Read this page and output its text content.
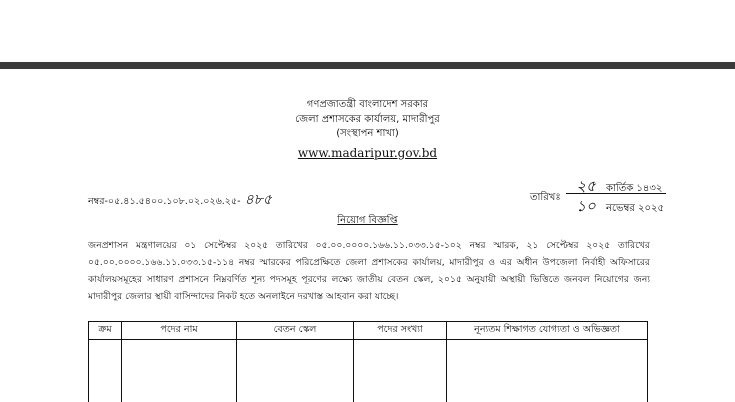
গণপ্রজাতন্ত্রী বাংলাদেশ সরকার
জেলা প্রশাসকের কার্যালয়, মাদারীপুর
(সংস্থাপন শাখা)
www.madaripur.gov.bd
নম্বর-০৫.৪১.৫৪০০.১০৮.০২.০২৬.২৫- ৪৮৫	তারিখঃ
২৫	কার্তিক ১৪৩২
১০	নভেম্বর ২০২৫
নিয়োগ বিজ্ঞপ্তি
জনপ্রশাসন মন্ত্রণালয়ের ০১ সেপ্টেম্বর ২০২৫ তারিখের ০৫.০০.০০০০.১৬৬.১১.০৩৩.১৫-১০২ নম্বর স্মারক, ২১ সেপ্টেম্বর ২০২৫ তারিখের ০৫.০০.০০০০.১৬৬.১১.০৩৩.১৫-১১৪ নম্বর স্মারকের পরিপ্রেক্ষিতে জেলা প্রশাসকের কার্যালয়, মাদারীপুর ও এর অধীন উপজেলা নির্বাহী অফিসারের কার্যালয়সমূহের সাধারণ প্রশাসনে নিম্নবর্ণিত শূন্য পদসমূহ পূরণের লক্ষ্যে জাতীয় বেতন স্কেল, ২০১৫ অনুযায়ী অস্থায়ী ভিত্তিতে জনবল নিয়োগের জন্য মাদারীপুর জেলার স্থায়ী বাসিন্দাদের নিকট হতে অনলাইনে দরখাস্ত আহবান করা যাচ্ছে।
ক্রম	পদের নাম	বেতন স্কেল	পদের সংখ্যা	নূন্যতম শিক্ষাগত যোগ্যতা ও অভিজ্ঞতা
